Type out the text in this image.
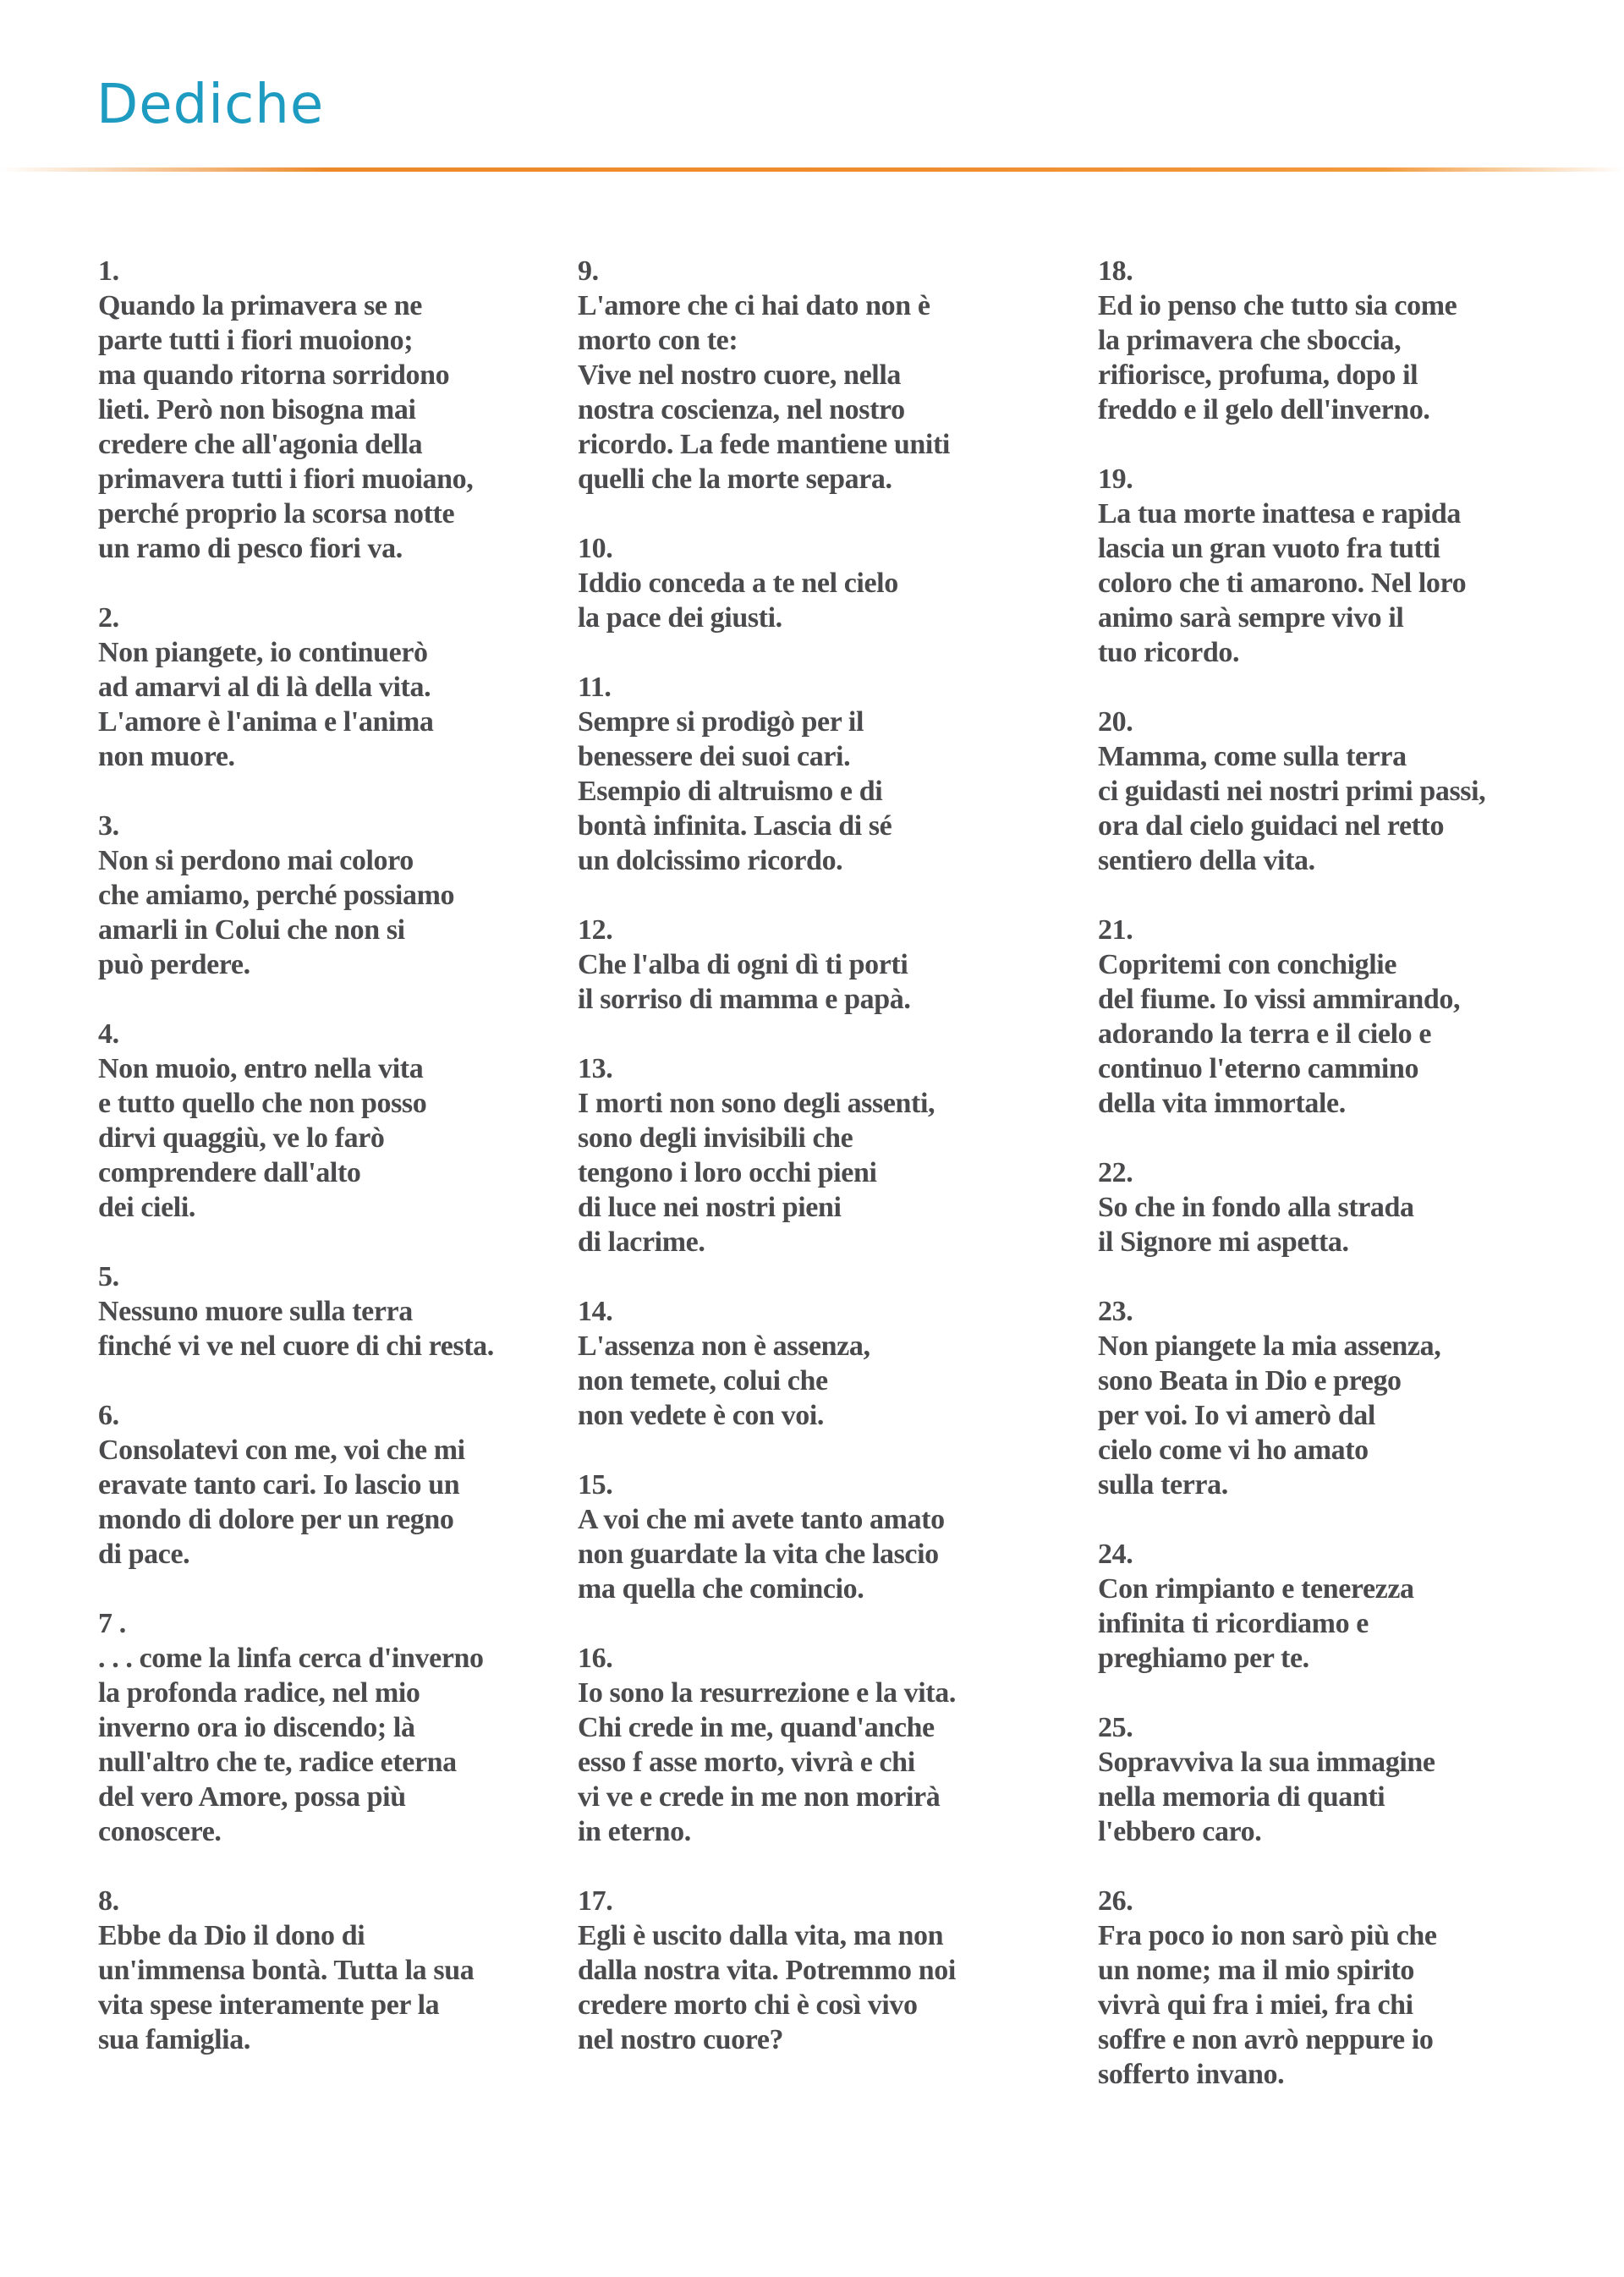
Dediche
1.
Quando la primavera se ne
parte tutti i fiori muoiono;
ma quando ritorna sorridono
lieti. Però non bisogna mai
credere che all'agonia della
primavera tutti i fiori muoiano,
perché proprio la scorsa notte
un ramo di pesco fiori va.
2.
Non piangete, io continuerò
ad amarvi al di là della vita.
L'amore è l'anima e l'anima
non muore.
3.
Non si perdono mai coloro
che amiamo, perché possiamo
amarli in Colui che non si
può perdere.
4.
Non muoio, entro nella vita
e tutto quello che non posso
dirvi quaggiù, ve lo farò
comprendere dall'alto
dei cieli.
5.
Nessuno muore sulla terra
finché vi ve nel cuore di chi resta.
6.
Consolatevi con me, voi che mi
eravate tanto cari. Io lascio un
mondo di dolore per un regno
di pace.
7 .
. . . come la linfa cerca d'inverno
la profonda radice, nel mio
inverno ora io discendo; là
null'altro che te, radice eterna
del vero Amore, possa più
conoscere.
8.
Ebbe da Dio il dono di
un'immensa bontà. Tutta la sua
vita spese interamente per la
sua famiglia.
9.
L'amore che ci hai dato non è
morto con te:
Vive nel nostro cuore, nella
nostra coscienza, nel nostro
ricordo. La fede mantiene uniti
quelli che la morte separa.
10.
Iddio conceda a te nel cielo
la pace dei giusti.
11.
Sempre si prodigò per il
benessere dei suoi cari.
Esempio di altruismo e di
bontà infinita. Lascia di sé
un dolcissimo ricordo.
12.
Che l'alba di ogni dì ti porti
il sorriso di mamma e papà.
13.
I morti non sono degli assenti,
sono degli invisibili che
tengono i loro occhi pieni
di luce nei nostri pieni
di lacrime.
14.
L'assenza non è assenza,
non temete, colui che
non vedete è con voi.
15.
A voi che mi avete tanto amato
non guardate la vita che lascio
ma quella che comincio.
16.
Io sono la resurrezione e la vita.
Chi crede in me, quand'anche
esso f asse morto, vivrà e chi
vi ve e crede in me non morirà
in eterno.
17.
Egli è uscito dalla vita, ma non
dalla nostra vita. Potremmo noi
credere morto chi è così vivo
nel nostro cuore?
18.
Ed io penso che tutto sia come
la primavera che sboccia,
rifiorisce, profuma, dopo il
freddo e il gelo dell'inverno.
19.
La tua morte inattesa e rapida
lascia un gran vuoto fra tutti
coloro che ti amarono. Nel loro
animo sarà sempre vivo il
tuo ricordo.
20.
Mamma, come sulla terra
ci guidasti nei nostri primi passi,
ora dal cielo guidaci nel retto
sentiero della vita.
21.
Copritemi con conchiglie
del fiume. Io vissi ammirando,
adorando la terra e il cielo e
continuo l'eterno cammino
della vita immortale.
22.
So che in fondo alla strada
il Signore mi aspetta.
23.
Non piangete la mia assenza,
sono Beata in Dio e prego
per voi. Io vi amerò dal
cielo come vi ho amato
sulla terra.
24.
Con rimpianto e tenerezza
infinita ti ricordiamo e
preghiamo per te.
25.
Sopravviva la sua immagine
nella memoria di quanti
l'ebbero caro.
26.
Fra poco io non sarò più che
un nome; ma il mio spirito
vivrà qui fra i miei, fra chi
soffre e non avrò neppure io
sofferto invano.
